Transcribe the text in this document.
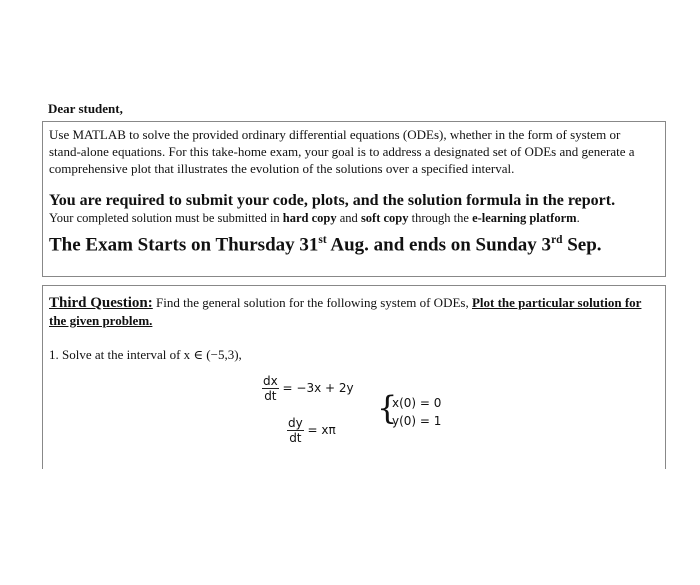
Dear student,

Use MATLAB to solve the provided ordinary differential equations (ODEs), whether in the form of system or stand-alone equations. For this take-home exam, your goal is to address a designated set of ODEs and generate a comprehensive plot that illustrates the evolution of the solutions over a specified interval.

You are required to submit your code, plots, and the solution formula in the report.

Your completed solution must be submitted in hard copy and soft copy through the e-learning platform.

The Exam Starts on Thursday 31st Aug. and ends on Sunday 3rd Sep.

Third Question: Find the general solution for the following system of ODEs, Plot the particular solution for the given problem.

1. Solve at the interval of x ∈ (−5,3),

$\frac{dx}{dt} = -3x + 2y$
$\frac{dy}{dt} = x\pi$
{
x(0) = 0
y(0) = 1
